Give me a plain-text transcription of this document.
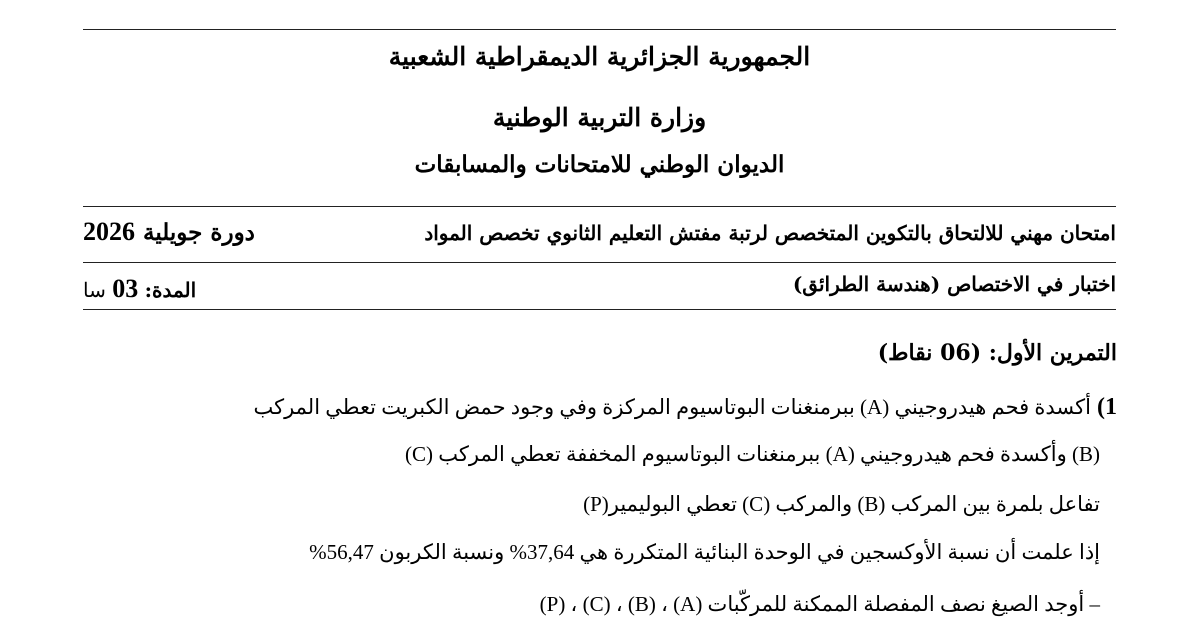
الجمهورية الجزائرية الديمقراطية الشعبية
وزارة التربية الوطنية
الديوان الوطني للامتحانات والمسابقات
امتحان مهني للالتحاق بالتكوين المتخصص لرتبة مفتش التعليم الثانوي تخصص المواد
دورة جويلية 2026
اختبار في الاختصاص (هندسة الطرائق)
المدة: 03 سا
التمرين الأول: (06 نقاط)
1)أكسدة فحم هيدروجيني (A) ببرمنغنات البوتاسيوم المركزة وفي وجود حمض الكبريت تعطي المركب
(B) وأكسدة فحم هيدروجيني (A) ببرمنغنات البوتاسيوم المخففة تعطي المركب (C)
تفاعل بلمرة بين المركب (B) والمركب (C) تعطي البوليمير(P)
إذا علمت أن نسبة الأوكسجين في الوحدة البنائية المتكررة هي 37,64% ونسبة الكربون 56,47%
– أوجد الصيغ نصف المفصلة الممكنة للمركّبات (A) ، (B) ، (C) ، (P)
